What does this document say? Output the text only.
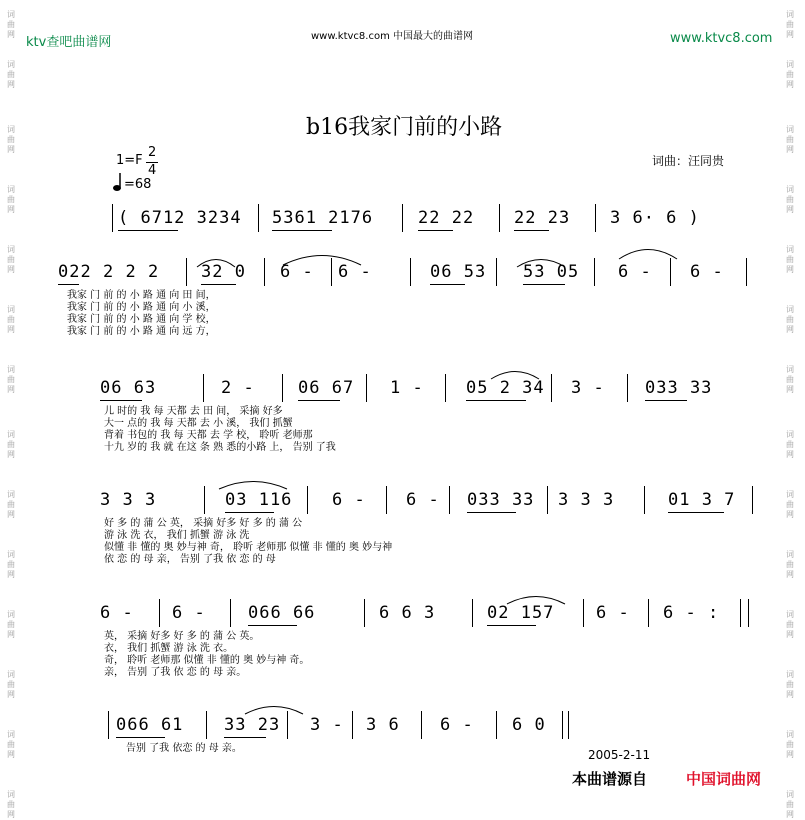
词
曲
网
词
曲
网
词
曲
网
词
曲
网
词
曲
网
词
曲
网
词
曲
网
词
曲
网
词
曲
网
词
曲
网
词
曲
网
词
曲
网
词
曲
网
词
曲
网
词
曲
网
词
曲
网
词
曲
网
词
曲
网
词
曲
网
词
曲
网
词
曲
网
词
曲
网
词
曲
网
词
曲
网
词
曲
网
词
曲
网
词
曲
网
词
曲
网
ktv查吧曲谱网	www.ktvc8.com 中国最大的曲谱网	www.ktvc8.com
b16我家门前的小路
1=F
2
4
=68
词曲：汪同贵
( 6712 3234 5361 2176	22 22 22 23 3 6· 6 )
022 2 2 2 32 0 6 - 6 -	06 53 53 05 6 - 6 -
我家 门 前 的 小 路 通 向 田 间，
我家 门 前 的 小 路 通 向 小 溪，
我家 门 前 的 小 路 通 向 学 校，
我家 门 前 的 小 路 通 向 远 方，
06 63	2 -	06 67 1 - 05 2 34 3 - 033 33
儿 时的 我 每 天都 去 田 间， 采摘 好多
大一 点的 我 每 天都 去 小 溪， 我们 抓蟹
背着 书包的 我 每 天都 去 学 校， 聆听 老师那
十九 岁的 我 就 在这 条 熟 悉的小路 上， 告别 了我
3 3 3	03 116 6 - 6 - 033 33 3 3 3	01 3 7
好 多 的 蒲 公 英， 采摘 好多 好 多 的 蒲 公
游 泳 洗 衣， 我们 抓蟹 游 泳 洗
似懂 非 懂的 奥 妙与神 奇， 聆听 老师那 似懂 非 懂的 奥 妙与神
依 恋 的 母 亲， 告别 了我 依 恋 的 母
6 - 6 - 066 66	6 6 3	02 157 6 - 6 - :
英， 采摘 好多 好 多 的 蒲 公 英。
衣， 我们 抓蟹 游 泳 洗 衣。
奇， 聆听 老师那 似懂 非 懂的 奥 妙与神 奇。
亲， 告别 了我 依 恋 的 母 亲。
066 61 33 23 3 - 3 6 6 - 6 0
告别 了我 依恋 的 母 亲。	2005-2-11
本曲谱源自	中国词曲网
